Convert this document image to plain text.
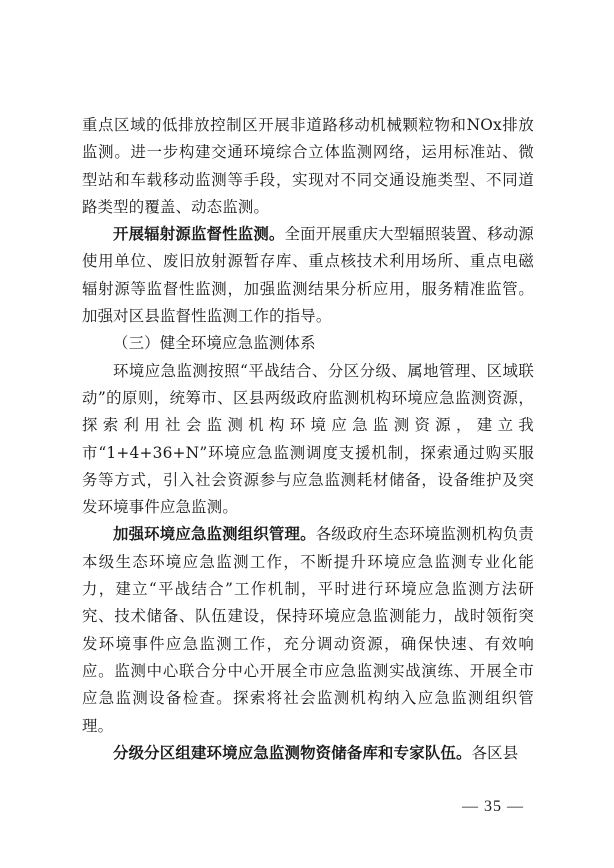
重点区域的低排放控制区开展非道路移动机械颗粒物和NOx排放监测。进一步构建交通环境综合立体监测网络，运用标准站、微型站和车载移动监测等手段，实现对不同交通设施类型、不同道路类型的覆盖、动态监测。

开展辐射源监督性监测。全面开展重庆大型辐照装置、移动源使用单位、废旧放射源暂存库、重点核技术利用场所、重点电磁辐射源等监督性监测，加强监测结果分析应用，服务精准监管。加强对区县监督性监测工作的指导。

（三）健全环境应急监测体系

环境应急监测按照“平战结合、分区分级、属地管理、区域联动”的原则，统筹市、区县两级政府监测机构环境应急监测资源，探索利用社会监测机构环境应急监测资源，建立我市“1+4+36+N”环境应急监测调度支援机制，探索通过购买服务等方式，引入社会资源参与应急监测耗材储备，设备维护及突发环境事件应急监测。

加强环境应急监测组织管理。各级政府生态环境监测机构负责本级生态环境应急监测工作，不断提升环境应急监测专业化能力，建立“平战结合”工作机制，平时进行环境应急监测方法研究、技术储备、队伍建设，保持环境应急监测能力，战时领衔突发环境事件应急监测工作，充分调动资源，确保快速、有效响应。监测中心联合分中心开展全市应急监测实战演练、开展全市应急监测设备检查。探索将社会监测机构纳入应急监测组织管理。

分级分区组建环境应急监测物资储备库和专家队伍。各区县

— 35 —
